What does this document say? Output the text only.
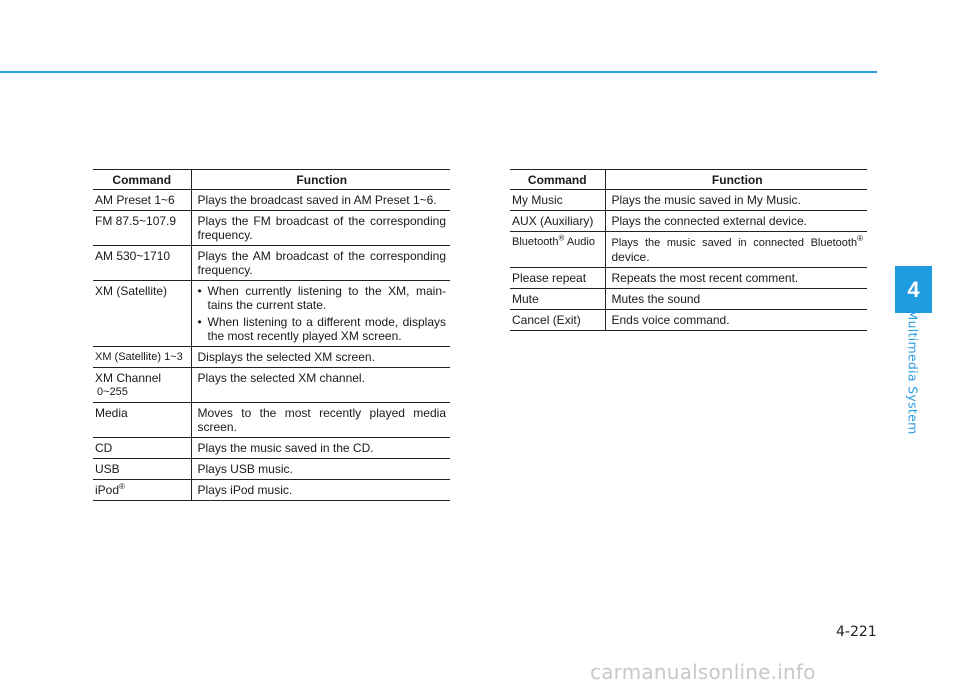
Command	Function
AM Preset 1~6	Plays the broadcast saved in AM Preset 1~6.
FM 87.5~107.9	Plays the FM broadcast of the corresponding frequency.
AM 530~1710	Plays the AM broadcast of the corresponding frequency.
XM (Satellite)	• When currently listening to the XM, main-tains the current state.
• When listening to a different mode, displays the most recently played XM screen.

XM (Satellite) 1~3	Displays the selected XM screen.
XM Channel
0~255	Plays the selected XM channel.
Media	Moves to the most recently played media screen.
CD	Plays the music saved in the CD.
USB	Plays USB music.
iPod®	Plays iPod music.
Command	Function
My Music	Plays the music saved in My Music.
AUX (Auxiliary)	Plays the connected external device.
Bluetooth® Audio	Plays the music saved in connected Bluetooth® device.
Please repeat	Repeats the most recent comment.
Mute	Mutes the sound
Cancel (Exit)	Ends voice command.
4
Multimedia System
4-221
carmanualsonline.info
